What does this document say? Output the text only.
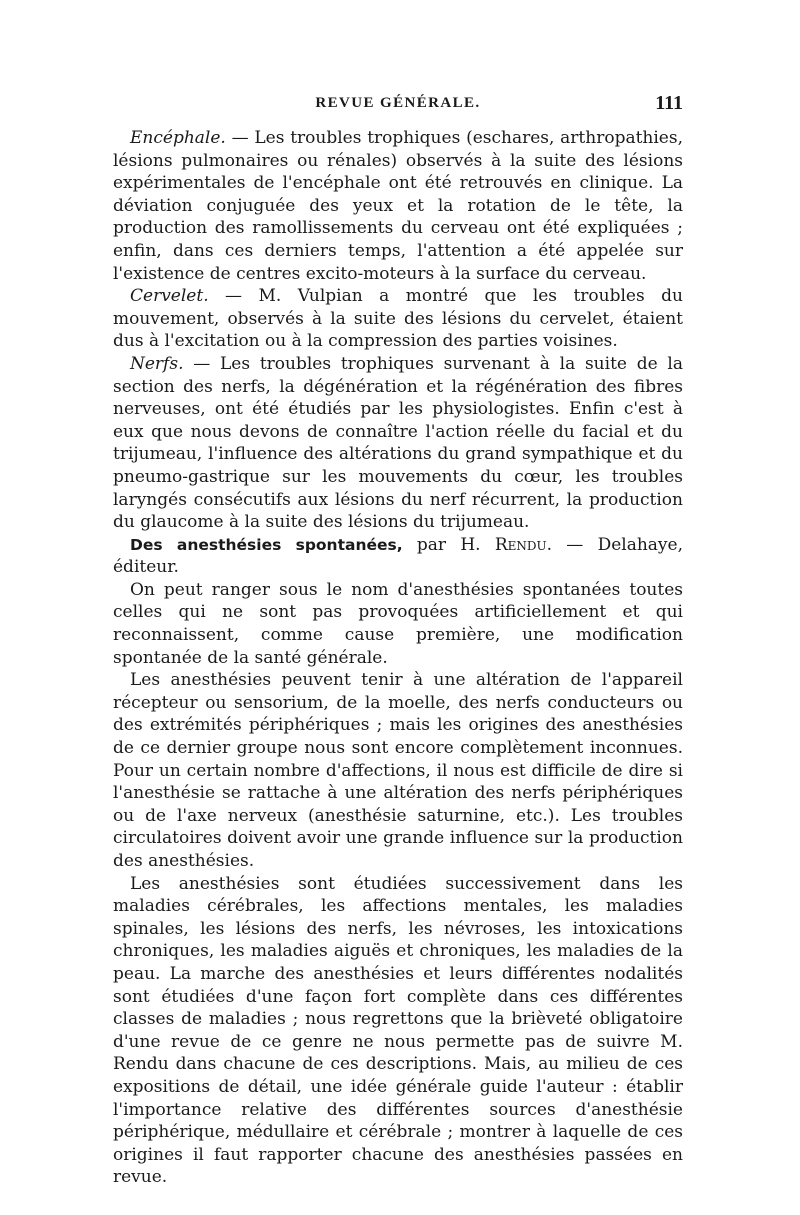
REVUE GÉNÉRALE.	111

Encéphale. — Les troubles trophiques (eschares, arthropathies, lésions pulmonaires ou rénales) observés à la suite des lésions expérimentales de l'encéphale ont été retrouvés en clinique. La déviation conjuguée des yeux et la rotation de le tête, la production des ramollissements du cerveau ont été expliquées ; enfin, dans ces derniers temps, l'attention a été appelée sur l'existence de centres excito-moteurs à la surface du cerveau.

Cervelet. — M. Vulpian a montré que les troubles du mouvement, observés à la suite des lésions du cervelet, étaient dus à l'excitation ou à la compression des parties voisines.

Nerfs. — Les troubles trophiques survenant à la suite de la section des nerfs, la dégénération et la régénération des fibres nerveuses, ont été étudiés par les physiologistes. Enfin c'est à eux que nous devons de connaître l'action réelle du facial et du trijumeau, l'influence des altérations du grand sympathique et du pneumo-gastrique sur les mouvements du cœur, les troubles laryngés consécutifs aux lésions du nerf récurrent, la production du glaucome à la suite des lésions du trijumeau.

Des anesthésies spontanées, par H. Rendu. — Delahaye, éditeur.

On peut ranger sous le nom d'anesthésies spontanées toutes celles qui ne sont pas provoquées artificiellement et qui reconnaissent, comme cause première, une modification spontanée de la santé générale.

Les anesthésies peuvent tenir à une altération de l'appareil récepteur ou sensorium, de la moelle, des nerfs conducteurs ou des extrémités périphériques ; mais les origines des anesthésies de ce dernier groupe nous sont encore complètement inconnues. Pour un certain nombre d'affections, il nous est difficile de dire si l'anesthésie se rattache à une altération des nerfs périphériques ou de l'axe nerveux (anesthésie saturnine, etc.). Les troubles circulatoires doivent avoir une grande influence sur la production des anesthésies.

Les anesthésies sont étudiées successivement dans les maladies cérébrales, les affections mentales, les maladies spinales, les lésions des nerfs, les névroses, les intoxications chroniques, les maladies aiguës et chroniques, les maladies de la peau. La marche des anesthésies et leurs différentes nodalités sont étudiées d'une façon fort complète dans ces différentes classes de maladies ; nous regrettons que la brièveté obligatoire d'une revue de ce genre ne nous permette pas de suivre M. Rendu dans chacune de ces descriptions. Mais, au milieu de ces expositions de détail, une idée générale guide l'auteur : établir l'importance relative des différentes sources d'anesthésie périphérique, médullaire et cérébrale ; montrer à laquelle de ces origines il faut rapporter chacune des anesthésies passées en revue.
